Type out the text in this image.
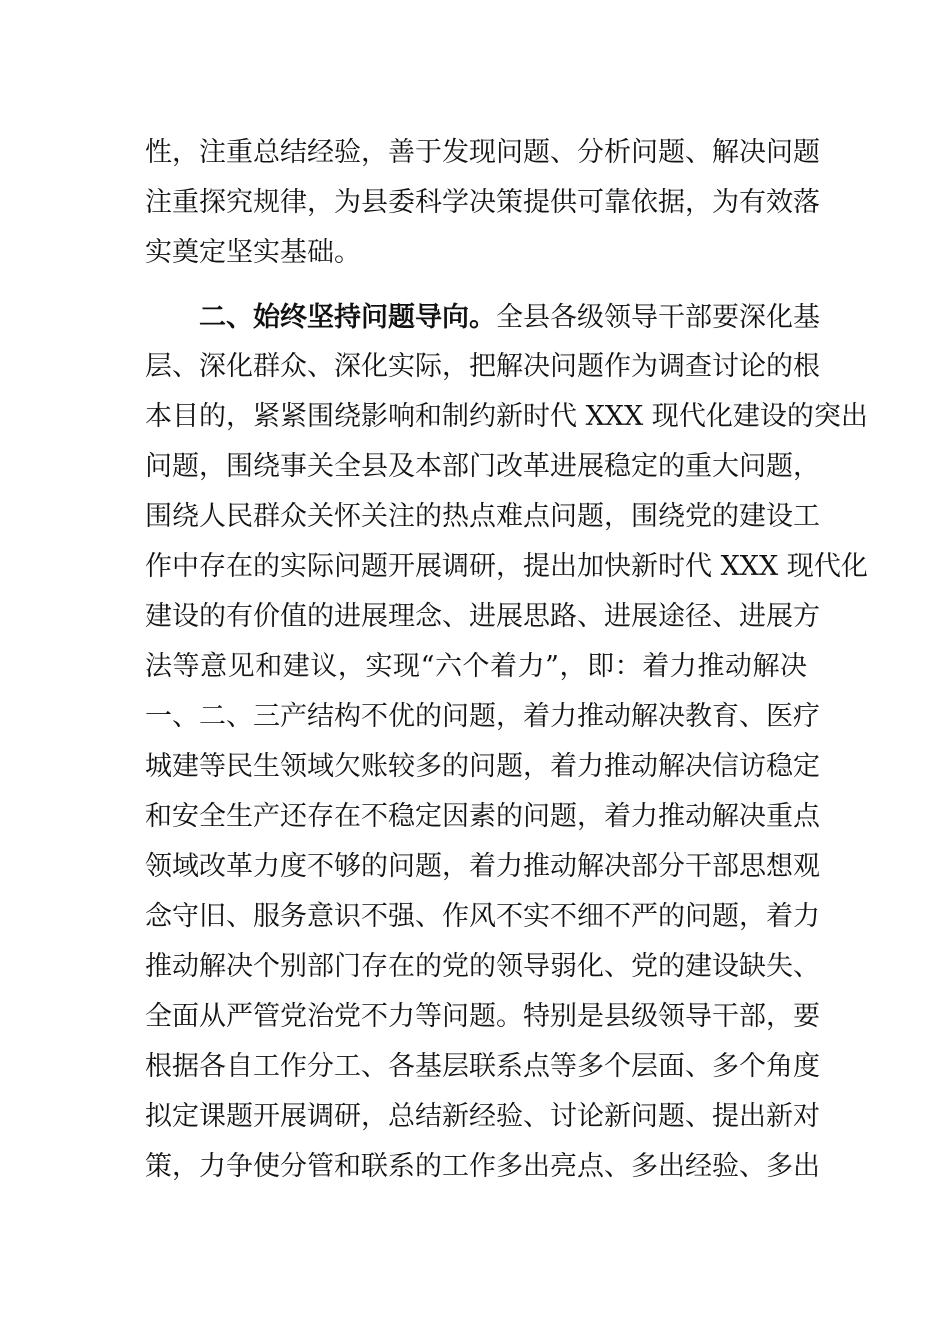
性，注重总结经验，善于发现问题、分析问题、解决问题
注重探究规律，为县委科学决策提供可靠依据，为有效落
实奠定坚实基础。
二、始终坚持问题导向。全县各级领导干部要深化基
层、深化群众、深化实际，把解决问题作为调查讨论的根
本目的，紧紧围绕影响和制约新时代 XXX 现代化建设的突出
问题，围绕事关全县及本部门改革进展稳定的重大问题，
围绕人民群众关怀关注的热点难点问题，围绕党的建设工
作中存在的实际问题开展调研，提出加快新时代 XXX 现代化
建设的有价值的进展理念、进展思路、进展途径、进展方
法等意见和建议，实现“六个着力”，即：着力推动解决
一、二、三产结构不优的问题，着力推动解决教育、医疗
城建等民生领域欠账较多的问题，着力推动解决信访稳定
和安全生产还存在不稳定因素的问题，着力推动解决重点
领域改革力度不够的问题，着力推动解决部分干部思想观
念守旧、服务意识不强、作风不实不细不严的问题，着力
推动解决个别部门存在的党的领导弱化、党的建设缺失、
全面从严管党治党不力等问题。特别是县级领导干部，要
根据各自工作分工、各基层联系点等多个层面、多个角度
拟定课题开展调研，总结新经验、讨论新问题、提出新对
策，力争使分管和联系的工作多出亮点、多出经验、多出
